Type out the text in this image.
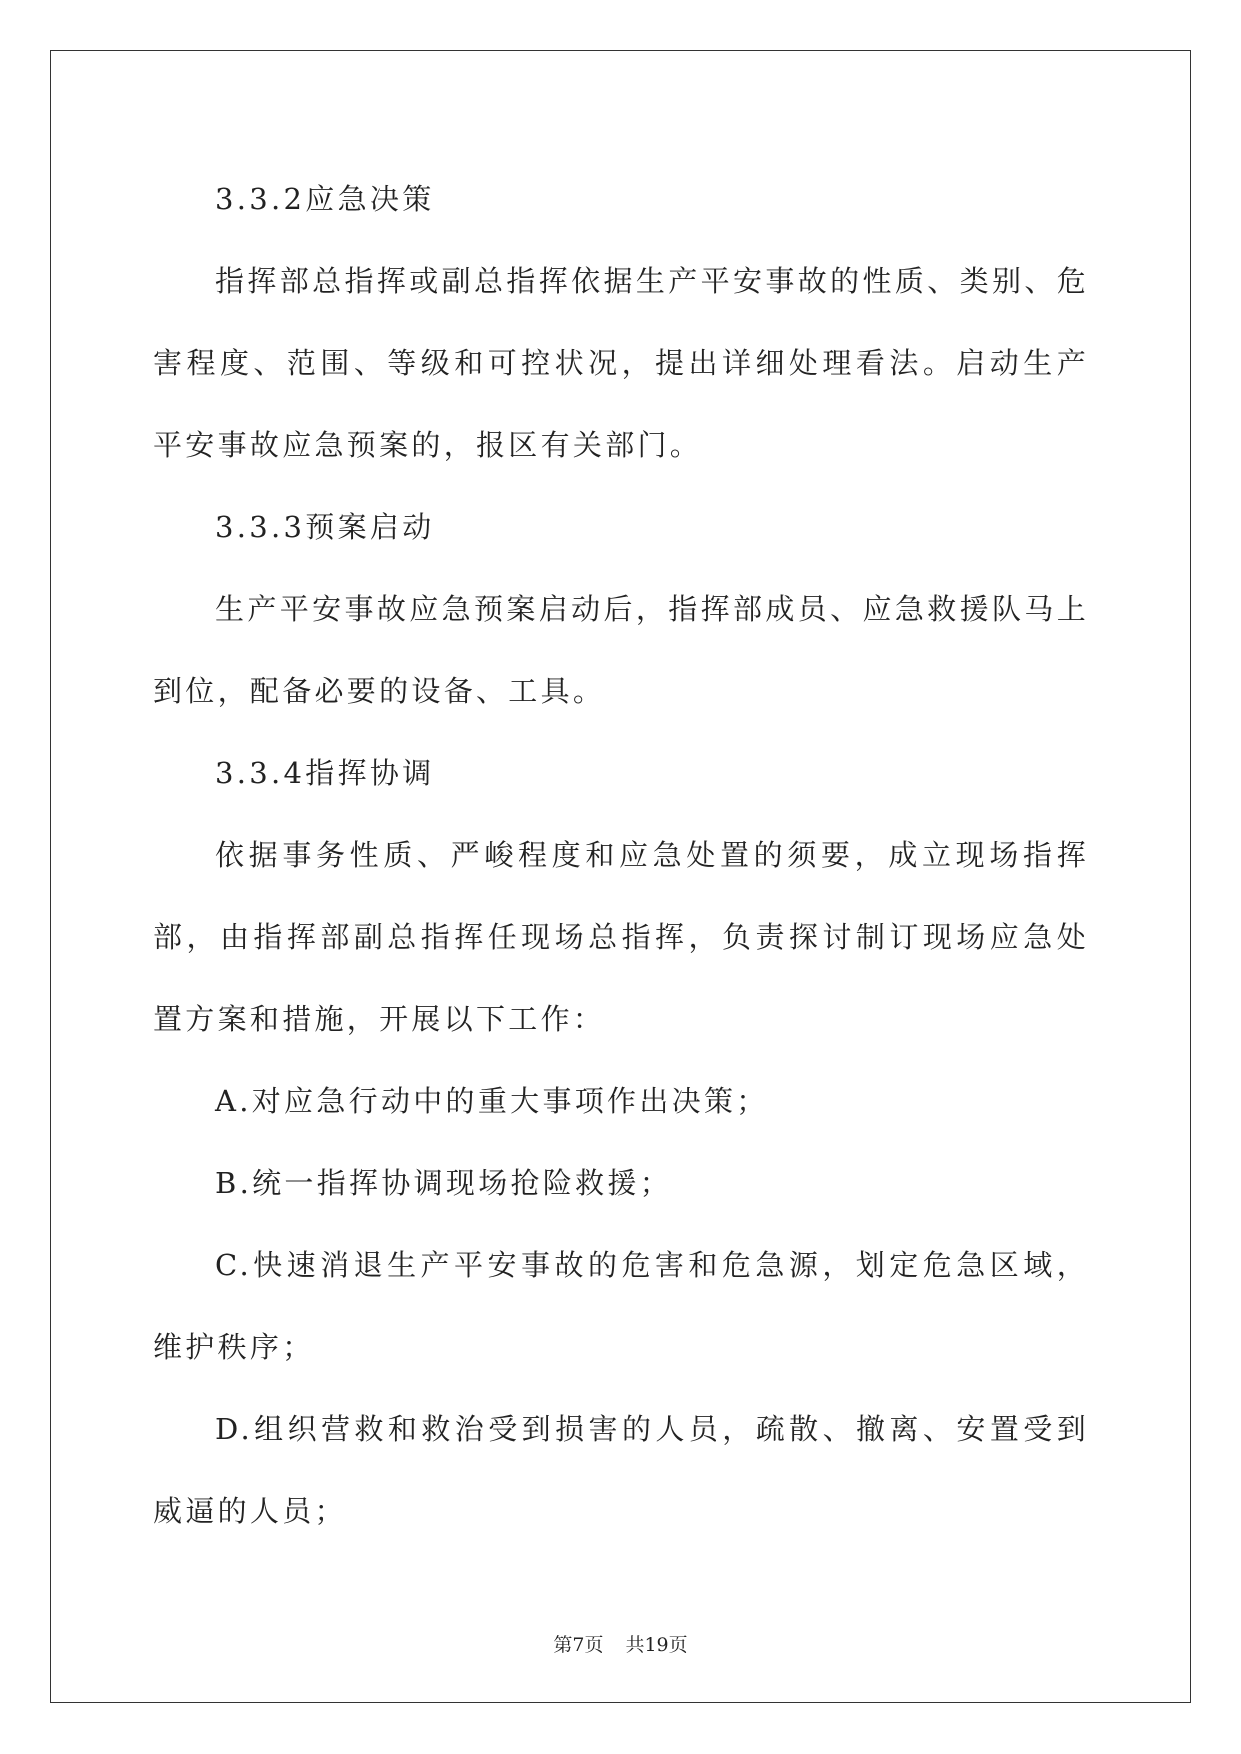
3.3.2应急决策

指挥部总指挥或副总指挥依据生产平安事故的性质、类别、危害程度、范围、等级和可控状况，提出详细处理看法。启动生产平安事故应急预案的，报区有关部门。

3.3.3预案启动

生产平安事故应急预案启动后，指挥部成员、应急救援队马上到位，配备必要的设备、工具。

3.3.4指挥协调

依据事务性质、严峻程度和应急处置的须要，成立现场指挥部，由指挥部副总指挥任现场总指挥，负责探讨制订现场应急处置方案和措施，开展以下工作：

A.对应急行动中的重大事项作出决策；

B.统一指挥协调现场抢险救援；

C.快速消退生产平安事故的危害和危急源，划定危急区域，维护秩序；

D.组织营救和救治受到损害的人员，疏散、撤离、安置受到威逼的人员；

第7页 共19页
